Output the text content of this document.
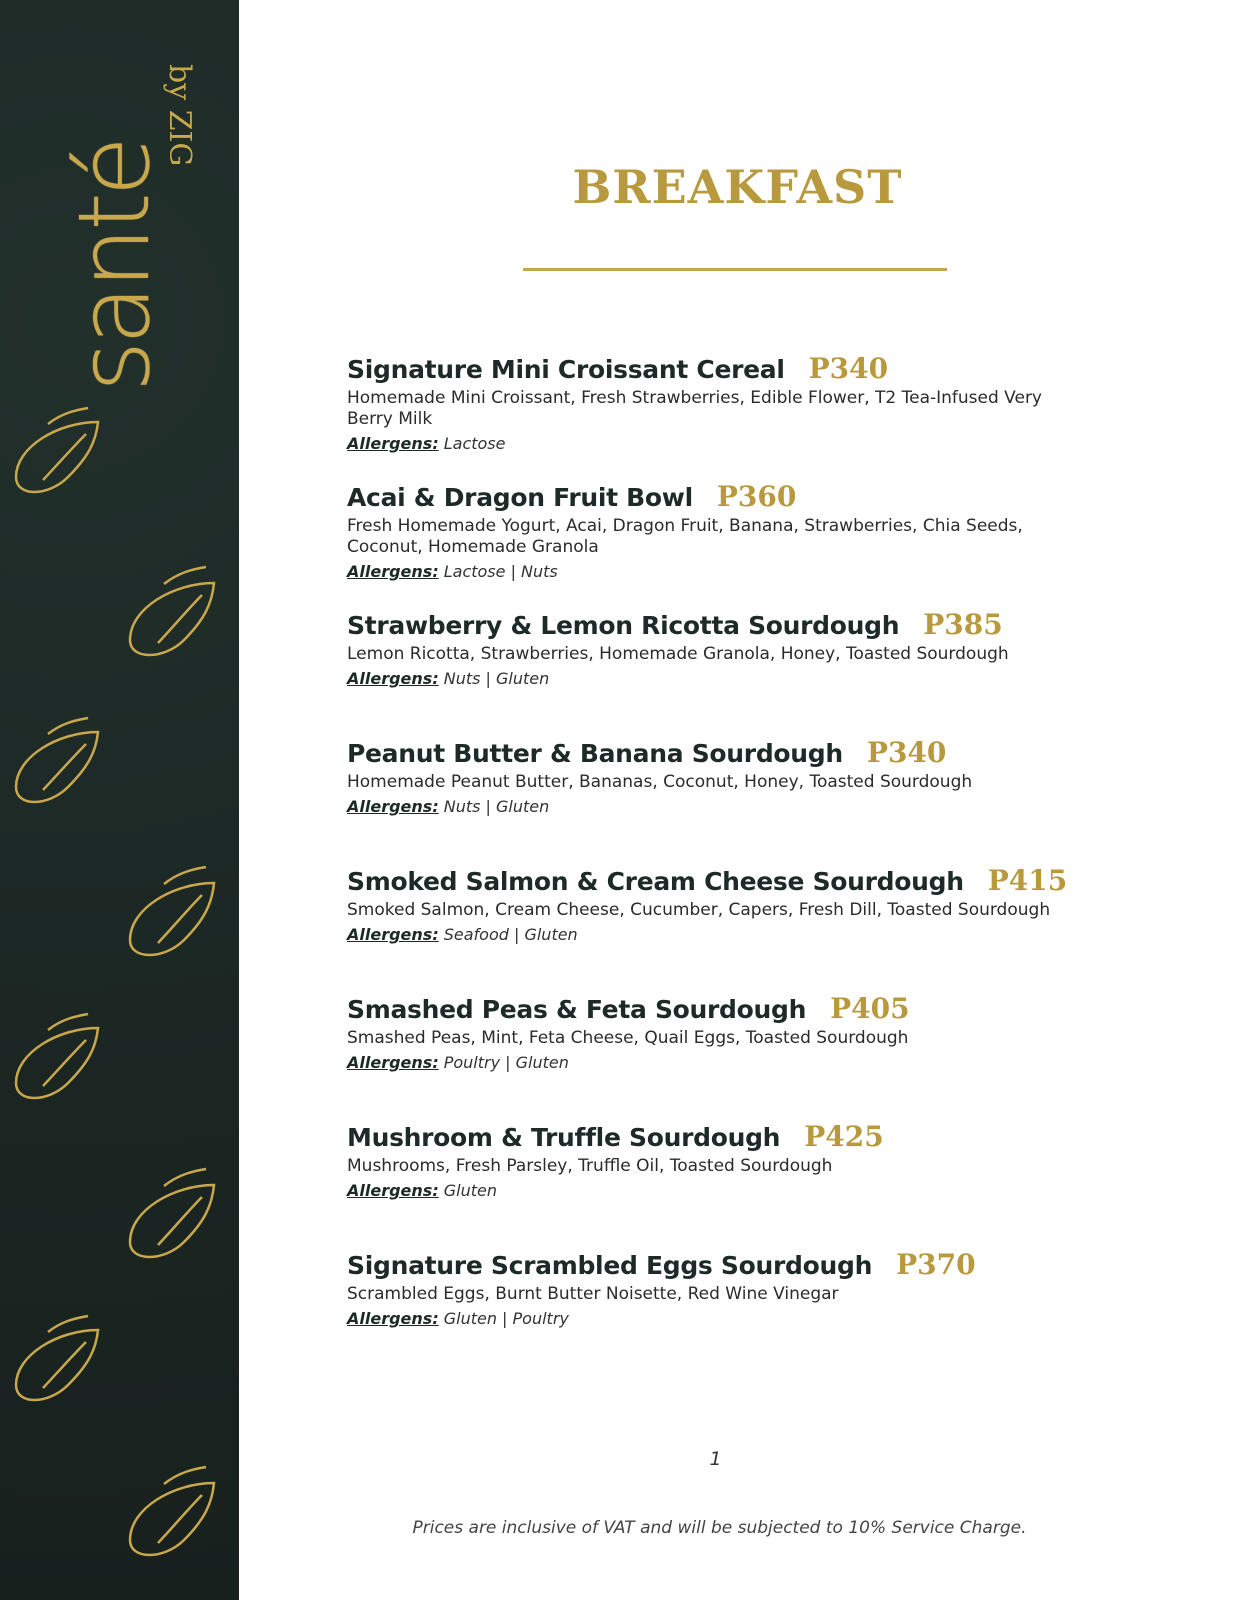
santé
by ZIG
BREAKFAST
Signature Mini Croissant Cereal P340
Homemade Mini Croissant, Fresh Strawberries, Edible Flower, T2 Tea-Infused Very Berry Milk
Allergens: Lactose
Acai & Dragon Fruit Bowl P360
Fresh Homemade Yogurt, Acai, Dragon Fruit, Banana, Strawberries, Chia Seeds, Coconut, Homemade Granola
Allergens: Lactose | Nuts
Strawberry & Lemon Ricotta Sourdough P385
Lemon Ricotta, Strawberries, Homemade Granola, Honey, Toasted Sourdough
Allergens: Nuts | Gluten
Peanut Butter & Banana Sourdough P340
Homemade Peanut Butter, Bananas, Coconut, Honey, Toasted Sourdough
Allergens: Nuts | Gluten
Smoked Salmon & Cream Cheese Sourdough P415
Smoked Salmon, Cream Cheese, Cucumber, Capers, Fresh Dill, Toasted Sourdough
Allergens: Seafood | Gluten
Smashed Peas & Feta Sourdough P405
Smashed Peas, Mint, Feta Cheese, Quail Eggs, Toasted Sourdough
Allergens: Poultry | Gluten
Mushroom & Truffle Sourdough P425
Mushrooms, Fresh Parsley, Truffle Oil, Toasted Sourdough
Allergens: Gluten
Signature Scrambled Eggs Sourdough P370
Scrambled Eggs, Burnt Butter Noisette, Red Wine Vinegar
Allergens: Gluten | Poultry
1
Prices are inclusive of VAT and will be subjected to 10% Service Charge.
